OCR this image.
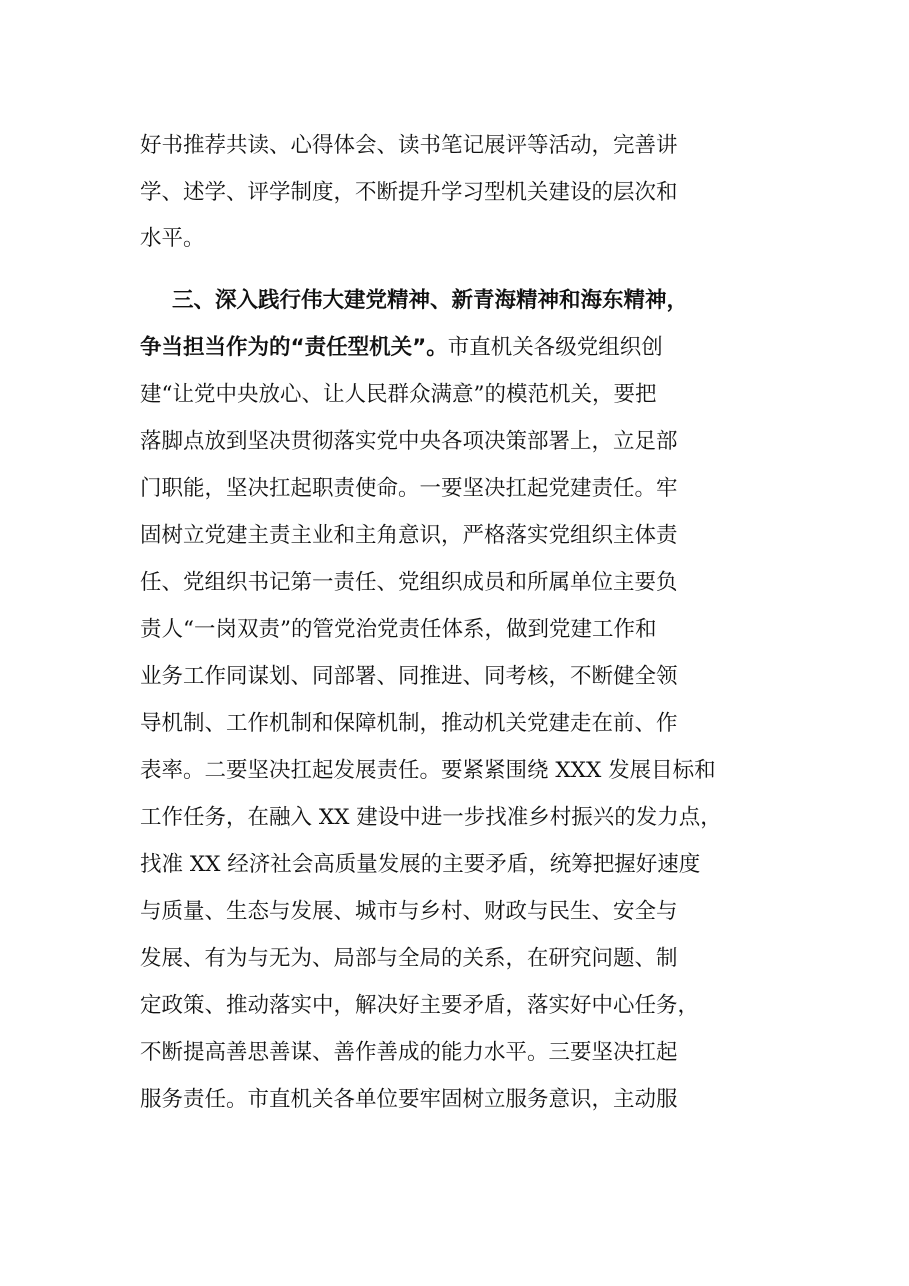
好书推荐共读、心得体会、读书笔记展评等活动，完善讲
学、述学、评学制度，不断提升学习型机关建设的层次和
水平。
三、深入践行伟大建党精神、新青海精神和海东精神，
争当担当作为的“责任型机关”。市直机关各级党组织创
建“让党中央放心、让人民群众满意”的模范机关，要把
落脚点放到坚决贯彻落实党中央各项决策部署上，立足部
门职能，坚决扛起职责使命。一要坚决扛起党建责任。牢
固树立党建主责主业和主角意识，严格落实党组织主体责
任、党组织书记第一责任、党组织成员和所属单位主要负
责人“一岗双责”的管党治党责任体系，做到党建工作和
业务工作同谋划、同部署、同推进、同考核，不断健全领
导机制、工作机制和保障机制，推动机关党建走在前、作
表率。二要坚决扛起发展责任。要紧紧围绕 XXX 发展目标和
工作任务，在融入 XX 建设中进一步找准乡村振兴的发力点，
找准 XX 经济社会高质量发展的主要矛盾，统筹把握好速度
与质量、生态与发展、城市与乡村、财政与民生、安全与
发展、有为与无为、局部与全局的关系，在研究问题、制
定政策、推动落实中，解决好主要矛盾，落实好中心任务，
不断提高善思善谋、善作善成的能力水平。三要坚决扛起
服务责任。市直机关各单位要牢固树立服务意识，主动服
